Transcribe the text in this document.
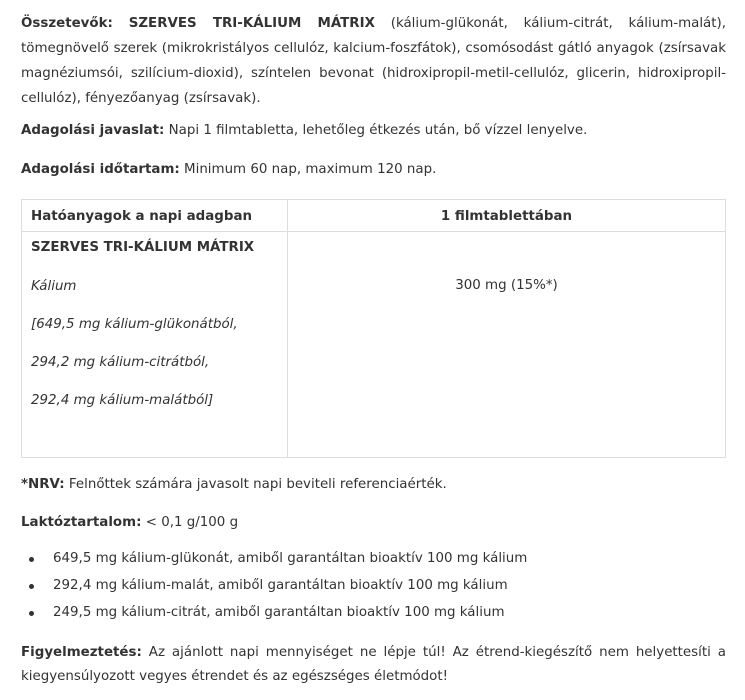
Összetevők: SZERVES TRI-KÁLIUM MÁTRIX (kálium-glükonát, kálium-citrát, kálium-malát), tömegnövelő szerek (mikrokristályos cellulóz, kalcium-foszfátok), csomósodást gátló anyagok (zsírsavak magnéziumsói, szilícium-dioxid), színtelen bevonat (hidroxipropil-metil-cellulóz, glicerin, hidroxipropil-cellulóz), fényezőanyag (zsírsavak).

Adagolási javaslat: Napi 1 filmtabletta, lehetőleg étkezés után, bő vízzel lenyelve.

Adagolási időtartam: Minimum 60 nap, maximum 120 nap.

Hatóanyagok a napi adagban	1 filmtablettában

SZERVES TRI-KÁLIUM MÁTRIX
Kálium
[649,5 mg kálium-glükonátból,
294,2 mg kálium-citrátból,
292,4 mg kálium-malátból]	300 mg (15%*)

*NRV: Felnőttek számára javasolt napi beviteli referenciaérték.

Laktóztartalom: < 0,1 g/100 g

649,5 mg kálium-glükonát, amiből garantáltan bioaktív 100 mg kálium
292,4 mg kálium-malát, amiből garantáltan bioaktív 100 mg kálium
249,5 mg kálium-citrát, amiből garantáltan bioaktív 100 mg kálium

Figyelmeztetés: Az ajánlott napi mennyiséget ne lépje túl! Az étrend-kiegészítő nem helyettesíti a kiegyensúlyozott vegyes étrendet és az egészséges életmódot!
